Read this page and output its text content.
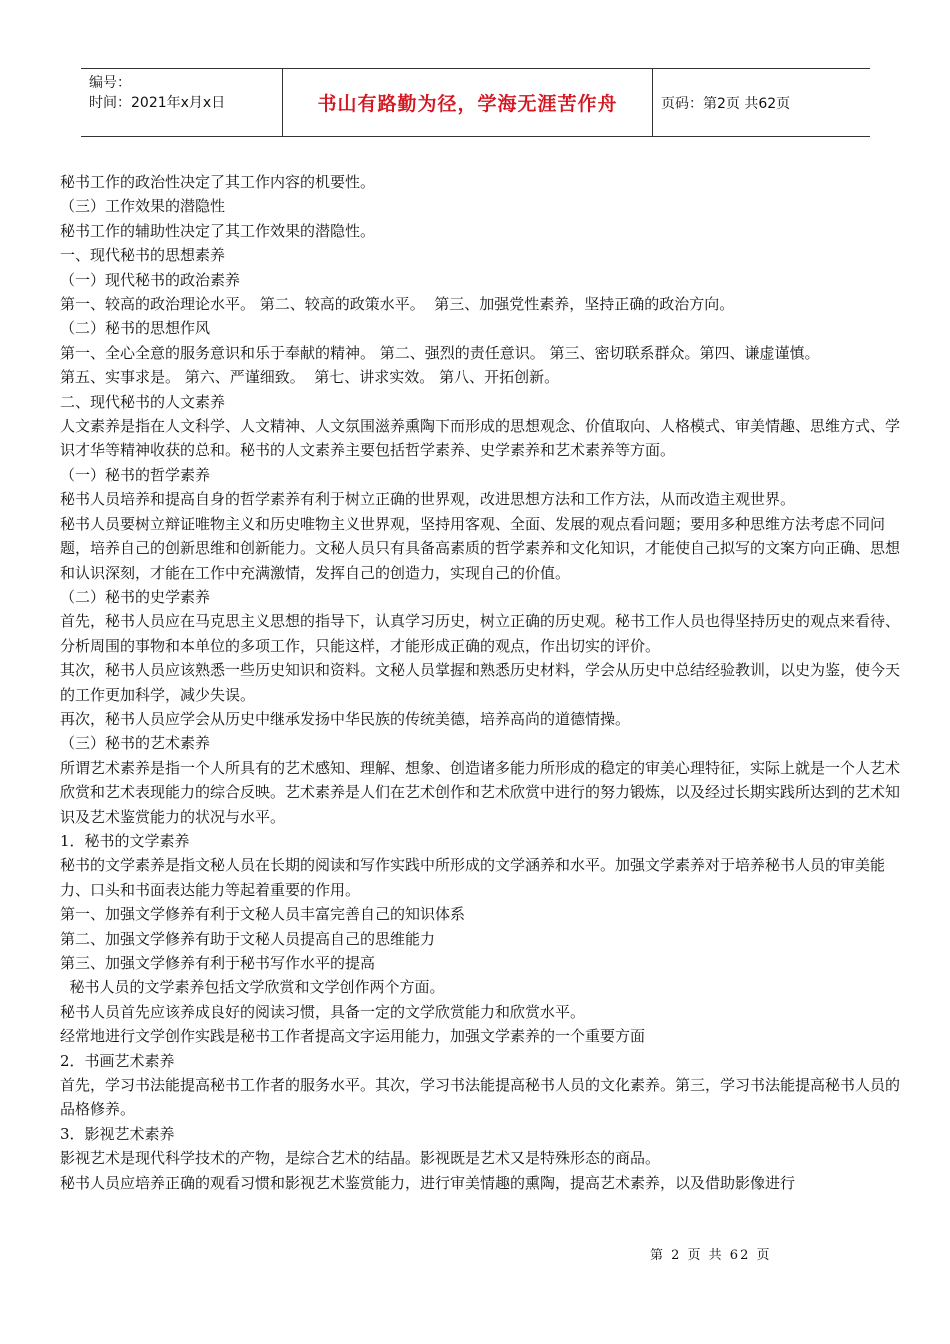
编号：
时间：2021年x月x日	书山有路勤为径，学海无涯苦作舟	页码：第2页 共62页

秘书工作的政治性决定了其工作内容的机要性。

（三）工作效果的潜隐性

秘书工作的辅助性决定了其工作效果的潜隐性。

一、现代秘书的思想素养

（一）现代秘书的政治素养

第一、较高的政治理论水平。 第二、较高的政策水平。  第三、加强党性素养，坚持正确的政治方向。

（二）秘书的思想作风

第一、全心全意的服务意识和乐于奉献的精神。 第二、强烈的责任意识。 第三、密切联系群众。第四、谦虚谨慎。

第五、实事求是。 第六、严谨细致。  第七、讲求实效。 第八、开拓创新。

二、现代秘书的人文素养

人文素养是指在人文科学、人文精神、人文氛围滋养熏陶下而形成的思想观念、价值取向、人格模式、审美情趣、思维方式、学识才华等精神收获的总和。秘书的人文素养主要包括哲学素养、史学素养和艺术素养等方面。

（一）秘书的哲学素养

秘书人员培养和提高自身的哲学素养有利于树立正确的世界观，改进思想方法和工作方法，从而改造主观世界。

秘书人员要树立辩证唯物主义和历史唯物主义世界观，坚持用客观、全面、发展的观点看问题；要用多种思维方法考虑不同问题，培养自己的创新思维和创新能力。文秘人员只有具备高素质的哲学素养和文化知识，才能使自己拟写的文案方向正确、思想和认识深刻，才能在工作中充满激情，发挥自己的创造力，实现自己的价值。

（二）秘书的史学素养

首先，秘书人员应在马克思主义思想的指导下，认真学习历史，树立正确的历史观。秘书工作人员也得坚持历史的观点来看待、分析周围的事物和本单位的多项工作，只能这样，才能形成正确的观点，作出切实的评价。

其次，秘书人员应该熟悉一些历史知识和资料。文秘人员掌握和熟悉历史材料，学会从历史中总结经验教训，以史为鉴，使今天的工作更加科学，减少失误。

再次，秘书人员应学会从历史中继承发扬中华民族的传统美德，培养高尚的道德情操。

（三）秘书的艺术素养

所谓艺术素养是指一个人所具有的艺术感知、理解、想象、创造诸多能力所形成的稳定的审美心理特征，实际上就是一个人艺术欣赏和艺术表现能力的综合反映。艺术素养是人们在艺术创作和艺术欣赏中进行的努力锻炼，以及经过长期实践所达到的艺术知识及艺术鉴赏能力的状况与水平。

1．秘书的文学素养

秘书的文学素养是指文秘人员在长期的阅读和写作实践中所形成的文学涵养和水平。加强文学素养对于培养秘书人员的审美能力、口头和书面表达能力等起着重要的作用。

第一、加强文学修养有利于文秘人员丰富完善自己的知识体系

第二、加强文学修养有助于文秘人员提高自己的思维能力

第三、加强文学修养有利于秘书写作水平的提高

秘书人员的文学素养包括文学欣赏和文学创作两个方面。

秘书人员首先应该养成良好的阅读习惯，具备一定的文学欣赏能力和欣赏水平。

经常地进行文学创作实践是秘书工作者提高文字运用能力，加强文学素养的一个重要方面

2．书画艺术素养

首先，学习书法能提高秘书工作者的服务水平。其次，学习书法能提高秘书人员的文化素养。第三，学习书法能提高秘书人员的品格修养。

3．影视艺术素养

影视艺术是现代科学技术的产物，是综合艺术的结晶。影视既是艺术又是特殊形态的商品。

秘书人员应培养正确的观看习惯和影视艺术鉴赏能力，进行审美情趣的熏陶，提高艺术素养，以及借助影像进行

第 2 页 共 62 页
